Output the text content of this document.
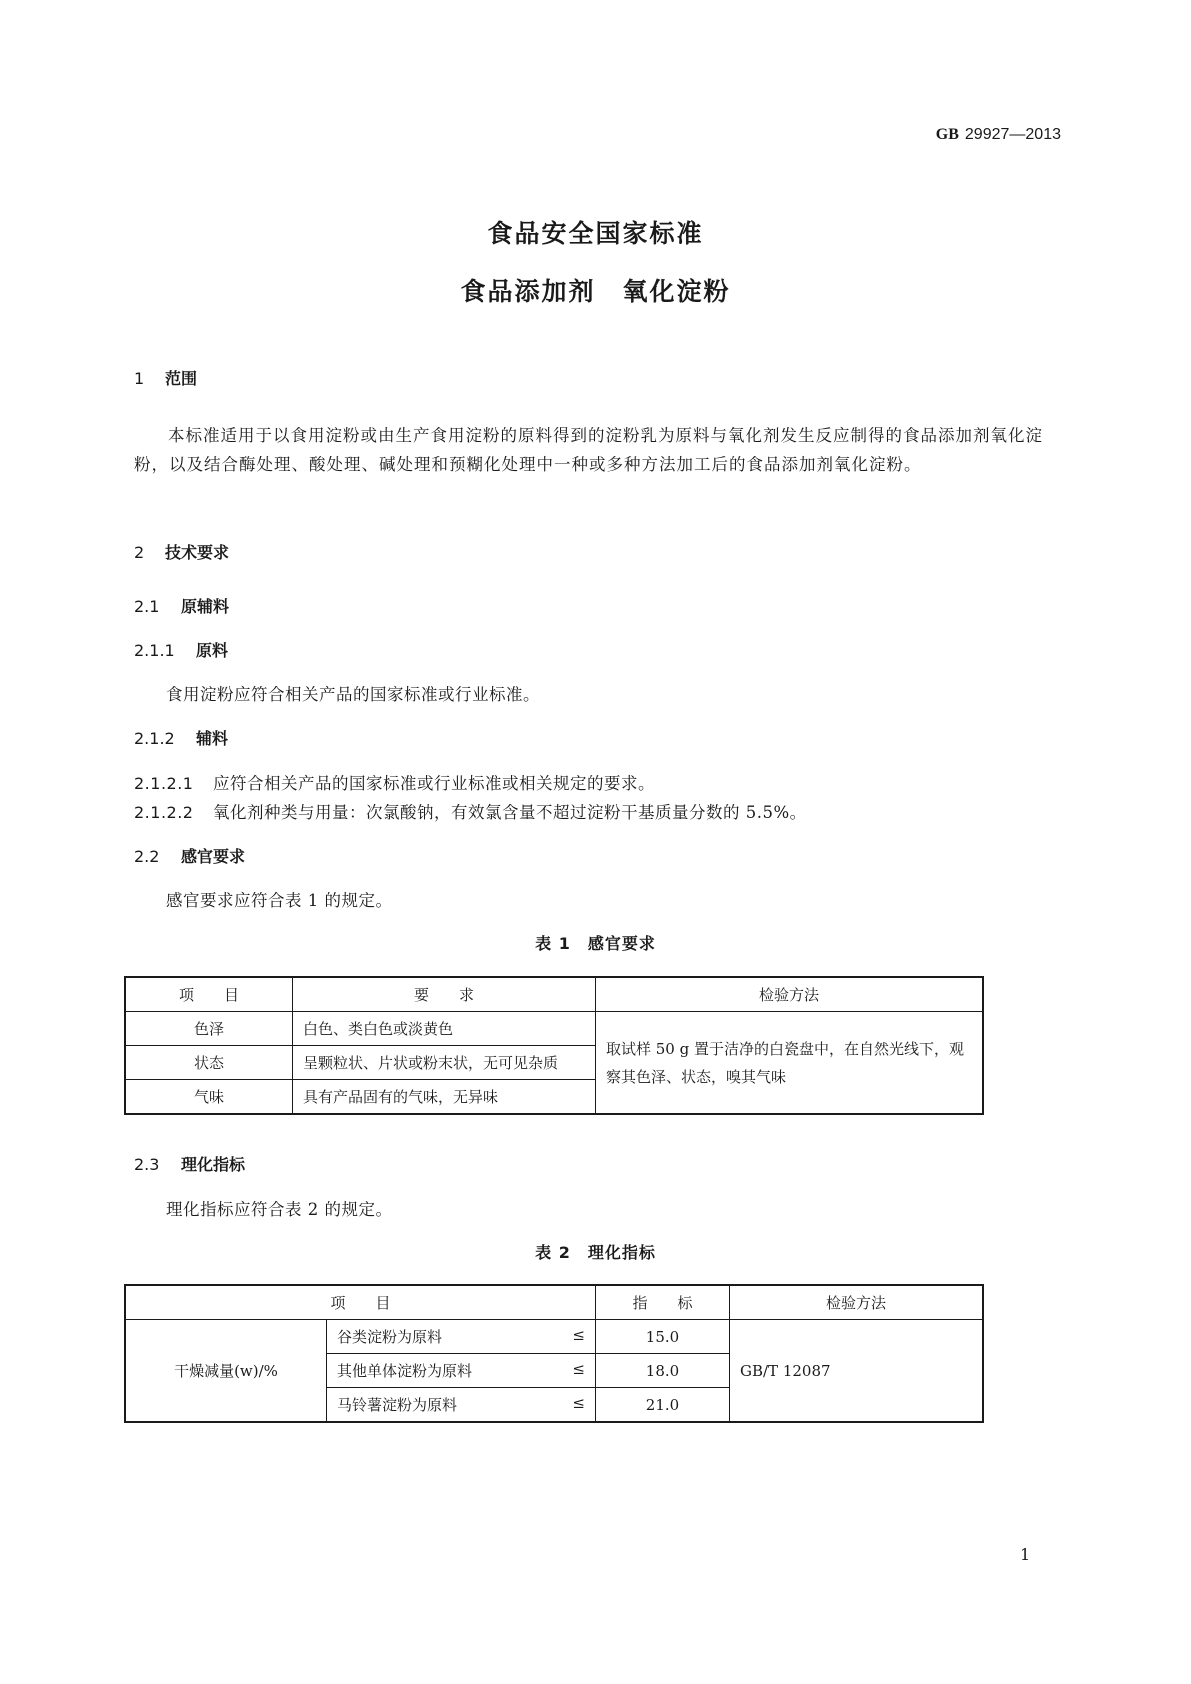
GB 29927—2013
食品安全国家标准
食品添加剂　氧化淀粉
1 范围
本标准适用于以食用淀粉或由生产食用淀粉的原料得到的淀粉乳为原料与氧化剂发生反应制得的食品添加剂氧化淀粉，以及结合酶处理、酸处理、碱处理和预糊化处理中一种或多种方法加工后的食品添加剂氧化淀粉。
2 技术要求
2.1 原辅料
2.1.1 原料
食用淀粉应符合相关产品的国家标准或行业标准。
2.1.2 辅料
2.1.2.1 应符合相关产品的国家标准或行业标准或相关规定的要求。
2.1.2.2 氧化剂种类与用量：次氯酸钠，有效氯含量不超过淀粉干基质量分数的 5.5%。
2.2 感官要求
感官要求应符合表 1 的规定。
表 1　感官要求
项　　目	要　　求	检验方法
色泽	白色、类白色或淡黄色	取试样 50 g 置于洁净的白瓷盘中，在自然光线下，观察其色泽、状态，嗅其气味
状态	呈颗粒状、片状或粉末状，无可见杂质	
气味	具有产品固有的气味，无异味	
2.3 理化指标
理化指标应符合表 2 的规定。
表 2　理化指标
项　　目		指　　标	检验方法
干燥减量(w)/%	谷类淀粉为原料 ≤	15.0	GB/T 12087
	其他单体淀粉为原料 ≤	18.0	
	马铃薯淀粉为原料 ≤	21.0	
1
